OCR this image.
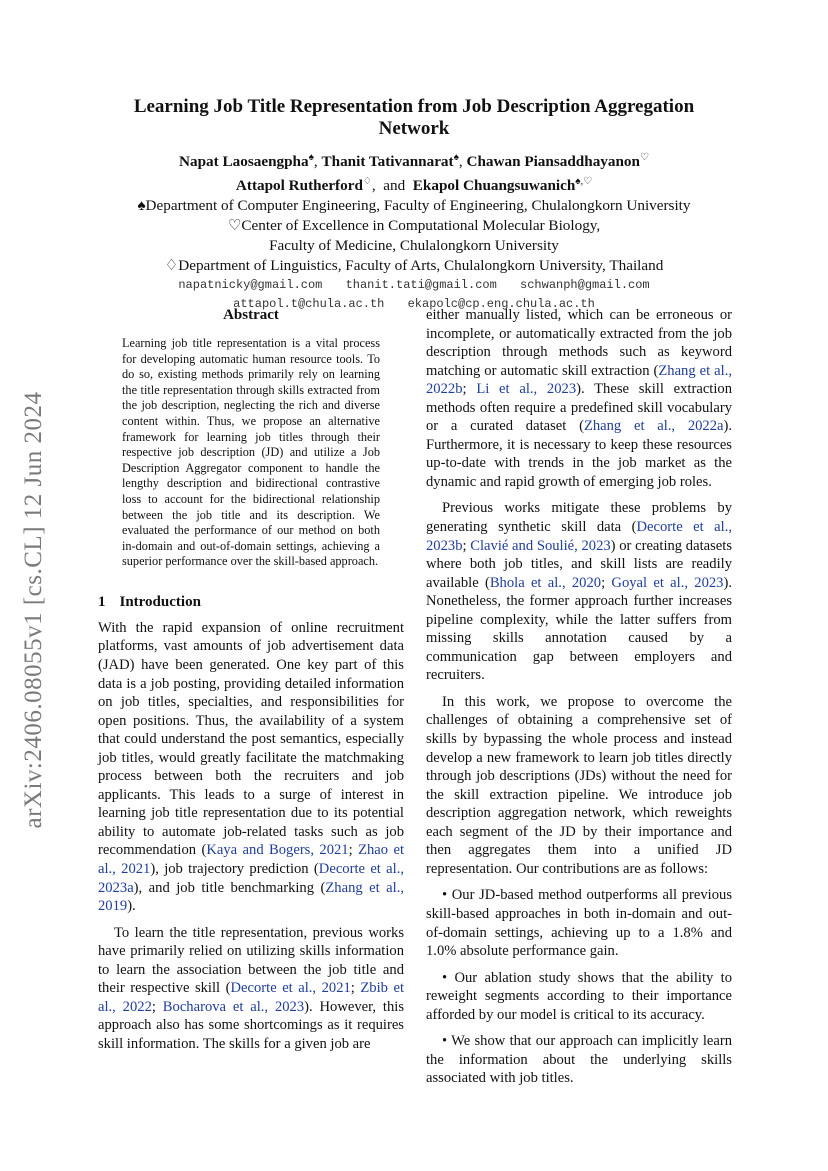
arXiv:2406.08055v1 [cs.CL] 12 Jun 2024
Learning Job Title Representation from Job Description Aggregation Network
Napat Laosaengpha♠, Thanit Tativannarat♠, Chawan Piansaddhayanon♡
Attapol Rutherford♢,  and Ekapol Chuangsuwanich♠,♡
♠Department of Computer Engineering, Faculty of Engineering, Chulalongkorn University
♡Center of Excellence in Computational Molecular Biology,
Faculty of Medicine, Chulalongkorn University
♢Department of Linguistics, Faculty of Arts, Chulalongkorn University, Thailand
napatnicky@gmail.com thanit.tati@gmail.com schwanph@gmail.com
attapol.t@chula.ac.th ekapolc@cp.eng.chula.ac.th
Abstract
Learning job title representation is a vital process for developing automatic human resource tools. To do so, existing methods primarily rely on learning the title representation through skills extracted from the job description, neglecting the rich and diverse content within. Thus, we propose an alternative framework for learning job titles through their respective job description (JD) and utilize a Job Description Aggregator component to handle the lengthy description and bidirectional contrastive loss to account for the bidirectional relationship between the job title and its description. We evaluated the performance of our method on both in-domain and out-of-domain settings, achieving a superior performance over the skill-based approach.
1 Introduction

With the rapid expansion of online recruitment platforms, vast amounts of job advertisement data (JAD) have been generated. One key part of this data is a job posting, providing detailed information on job titles, specialties, and responsibilities for open positions. Thus, the availability of a system that could understand the post semantics, especially job titles, would greatly facilitate the matchmaking process between both the recruiters and job applicants. This leads to a surge of interest in learning job title representation due to its potential ability to automate job-related tasks such as job recommendation (Kaya and Bogers, 2021; Zhao et al., 2021), job trajectory prediction (Decorte et al., 2023a), and job title benchmarking (Zhang et al., 2019).

To learn the title representation, previous works have primarily relied on utilizing skills information to learn the association between the job title and their respective skill (Decorte et al., 2021; Zbib et al., 2022; Bocharova et al., 2023). However, this approach also has some shortcomings as it requires skill information. The skills for a given job are

either manually listed, which can be erroneous or incomplete, or automatically extracted from the job description through methods such as keyword matching or automatic skill extraction (Zhang et al., 2022b; Li et al., 2023). These skill extraction methods often require a predefined skill vocabulary or a curated dataset (Zhang et al., 2022a). Furthermore, it is necessary to keep these resources up-to-date with trends in the job market as the dynamic and rapid growth of emerging job roles.

Previous works mitigate these problems by generating synthetic skill data (Decorte et al., 2023b; Clavié and Soulié, 2023) or creating datasets where both job titles, and skill lists are readily available (Bhola et al., 2020; Goyal et al., 2023). Nonetheless, the former approach further increases pipeline complexity, while the latter suffers from missing skills annotation caused by a communication gap between employers and recruiters.

In this work, we propose to overcome the challenges of obtaining a comprehensive set of skills by bypassing the whole process and instead develop a new framework to learn job titles directly through job descriptions (JDs) without the need for the skill extraction pipeline. We introduce job description aggregation network, which reweights each segment of the JD by their importance and then aggregates them into a unified JD representation. Our contributions are as follows:

• Our JD-based method outperforms all previous skill-based approaches in both in-domain and out-of-domain settings, achieving up to a 1.8% and 1.0% absolute performance gain.

• Our ablation study shows that the ability to reweight segments according to their importance afforded by our model is critical to its accuracy.

• We show that our approach can implicitly learn the information about the underlying skills associated with job titles.
